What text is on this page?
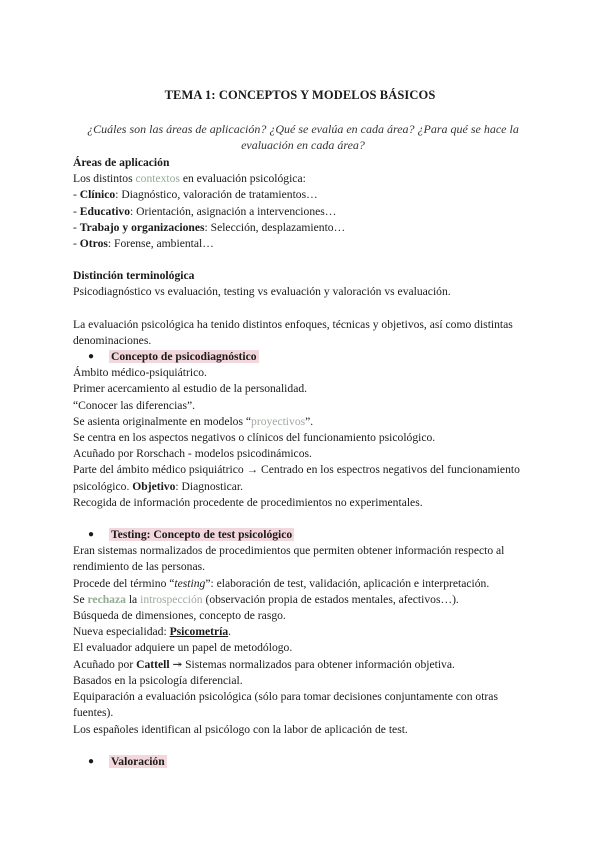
TEMA 1: CONCEPTOS Y MODELOS BÁSICOS
¿Cuáles son las áreas de aplicación? ¿Qué se evalúa en cada área? ¿Para qué se hace la evaluación en cada área?

Áreas de aplicación

Los distintos contextos en evaluación psicológica:

- Clínico: Diagnóstico, valoración de tratamientos…

- Educativo: Orientación, asignación a intervenciones…

- Trabajo y organizaciones: Selección, desplazamiento…

- Otros: Forense, ambiental…

Distinción terminológica

Psicodiagnóstico vs evaluación, testing vs evaluación y valoración vs evaluación.

La evaluación psicológica ha tenido distintos enfoques, técnicas y objetivos, así como distintas denominaciones.

● Concepto de psicodiagnóstico

Ámbito médico-psiquiátrico.

Primer acercamiento al estudio de la personalidad.

“Conocer las diferencias”.

Se asienta originalmente en modelos “proyectivos”.

Se centra en los aspectos negativos o clínicos del funcionamiento psicológico.

Acuñado por Rorschach - modelos psicodinámicos.

Parte del ámbito médico psiquiátrico → Centrado en los espectros negativos del funcionamiento psicológico. Objetivo: Diagnosticar.

Recogida de información procedente de procedimientos no experimentales.

● Testing: Concepto de test psicológico

Eran sistemas normalizados de procedimientos que permiten obtener información respecto al rendimiento de las personas.

Procede del término “testing”: elaboración de test, validación, aplicación e interpretación.

Se rechaza la introspección (observación propia de estados mentales, afectivos…).

Búsqueda de dimensiones, concepto de rasgo.

Nueva especialidad: Psicometría.

El evaluador adquiere un papel de metodólogo.

Acuñado por Cattell ↠ Sistemas normalizados para obtener información objetiva.

Basados en la psicología diferencial.

Equiparación a evaluación psicológica (sólo para tomar decisiones conjuntamente con otras fuentes).

Los españoles identifican al psicólogo con la labor de aplicación de test.

● Valoración
